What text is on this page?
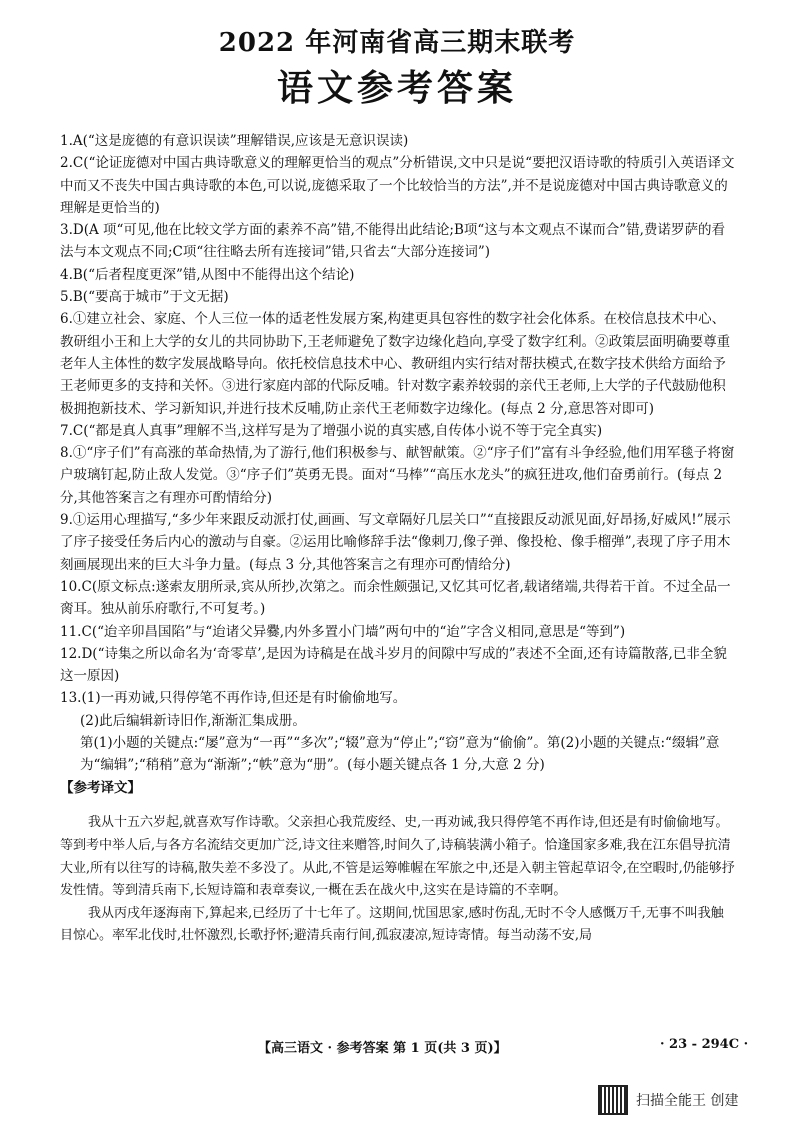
2022 年河南省高三期末联考
语文参考答案

1.A(“这是庞德的有意识误读”理解错误,应该是无意识误读)

2.C(“论证庞德对中国古典诗歌意义的理解更恰当的观点”分析错误,文中只是说“要把汉语诗歌的特质引入英语译文中而又不丧失中国古典诗歌的本色,可以说,庞德采取了一个比较恰当的方法”,并不是说庞德对中国古典诗歌意义的理解是更恰当的)

3.D(A 项“可见,他在比较文学方面的素养不高”错,不能得出此结论;B项“这与本文观点不谋而合”错,费诺罗萨的看法与本文观点不同;C项“往往略去所有连接词”错,只省去“大部分连接词”)

4.B(“后者程度更深”错,从图中不能得出这个结论)

5.B(“要高于城市”于文无据)

6.①建立社会、家庭、个人三位一体的适老性发展方案,构建更具包容性的数字社会化体系。在校信息技术中心、教研组小王和上大学的女儿的共同协助下,王老师避免了数字边缘化趋向,享受了数字红利。②政策层面明确要尊重老年人主体性的数字发展战略导向。依托校信息技术中心、教研组内实行结对帮扶模式,在数字技术供给方面给予王老师更多的支持和关怀。③进行家庭内部的代际反哺。针对数字素养较弱的亲代王老师,上大学的子代鼓励他积极拥抱新技术、学习新知识,并进行技术反哺,防止亲代王老师数字边缘化。(每点 2 分,意思答对即可)

7.C(“都是真人真事”理解不当,这样写是为了增强小说的真实感,自传体小说不等于完全真实)

8.①“序子们”有高涨的革命热情,为了游行,他们积极参与、献智献策。②“序子们”富有斗争经验,他们用军毯子将窗户玻璃钉起,防止敌人发觉。③“序子们”英勇无畏。面对“马棒”“高压水龙头”的疯狂进攻,他们奋勇前行。(每点 2 分,其他答案言之有理亦可酌情给分)

9.①运用心理描写,“多少年来跟反动派打仗,画画、写文章隔好几层关口”“直接跟反动派见面,好昂扬,好威风!”展示了序子接受任务后内心的激动与自豪。②运用比喻修辞手法“像刺刀,像子弹、像投枪、像手榴弹”,表现了序子用木刻画展现出来的巨大斗争力量。(每点 3 分,其他答案言之有理亦可酌情给分)

10.C(原文标点:遂索友朋所录,宾从所抄,次第之。而余性颇强记,又忆其可忆者,载诸绪端,共得若干首。不过全品一脔耳。独从前乐府歌行,不可复考。)

11.C(“迨辛卯昌国陷”与“迨诸父异爨,内外多置小门墙”两句中的“迨”字含义相同,意思是“等到”)

12.D(“诗集之所以命名为‘奇零草’,是因为诗稿是在战斗岁月的间隙中写成的”表述不全面,还有诗篇散落,已非全貌这一原因)

13.(1)一再劝诫,只得停笔不再作诗,但还是有时偷偷地写。

(2)此后编辑新诗旧作,渐渐汇集成册。

第(1)小题的关键点:“屡”意为“一再”“多次”;“辍”意为“停止”;“窃”意为“偷偷”。第(2)小题的关键点:“缀辑”意为“编辑”;“稍稍”意为“渐渐”;“帙”意为“册”。(每小题关键点各 1 分,大意 2 分)

【参考译文】

我从十五六岁起,就喜欢写作诗歌。父亲担心我荒废经、史,一再劝诫,我只得停笔不再作诗,但还是有时偷偷地写。等到考中举人后,与各方名流结交更加广泛,诗文往来赠答,时间久了,诗稿装满小箱子。恰逢国家多难,我在江东倡导抗清大业,所有以往写的诗稿,散失差不多没了。从此,不管是运筹帷幄在军旅之中,还是入朝主管起草诏令,在空暇时,仍能够抒发性情。等到清兵南下,长短诗篇和表章奏议,一概在丢在战火中,这实在是诗篇的不幸啊。

我从丙戌年逐海南下,算起来,已经历了十七年了。这期间,忧国思家,感时伤乱,无时不令人感慨万千,无事不叫我触目惊心。率军北伐时,壮怀激烈,长歌抒怀;避清兵南行间,孤寂凄凉,短诗寄情。每当动荡不安,局

【高三语文 · 参考答案 第 1 页(共 3 页)】	· 23 - 294C ·
扫描全能王 创建
